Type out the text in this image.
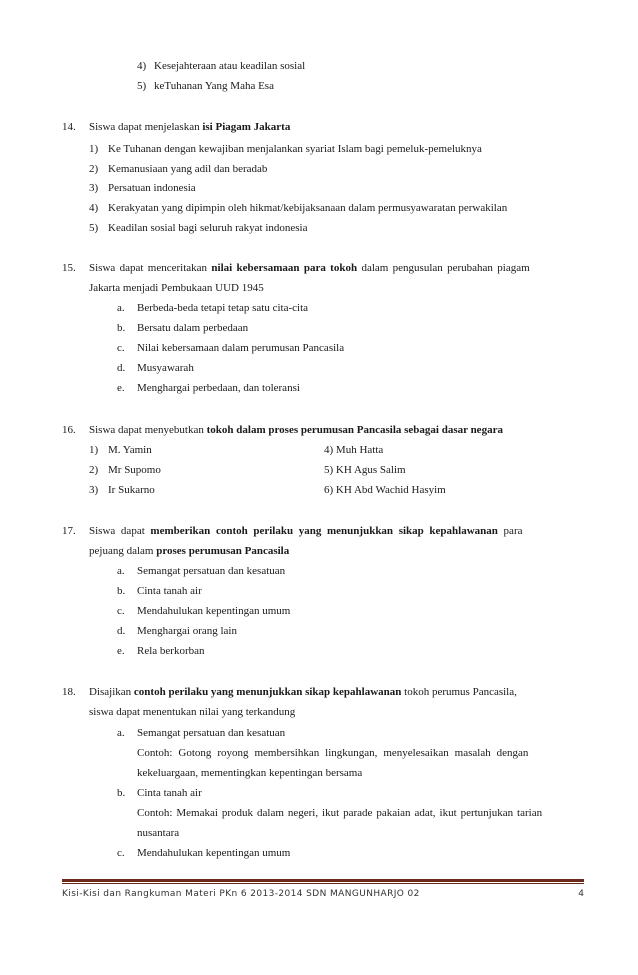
4) Kesejahteraan atau keadilan sosial
5) keTuhanan Yang Maha Esa
14. Siswa dapat menjelaskan isi Piagam Jakarta
1) Ke Tuhanan dengan kewajiban menjalankan syariat Islam bagi pemeluk-pemeluknya
2) Kemanusiaan yang adil dan beradab
3) Persatuan indonesia
4) Kerakyatan yang dipimpin oleh hikmat/kebijaksanaan dalam permusyawaratan perwakilan
5) Keadilan sosial bagi seluruh rakyat indonesia
15. Siswa dapat menceritakan nilai kebersamaan para tokoh dalam pengusulan perubahan piagam
Jakarta menjadi Pembukaan UUD 1945
a. Berbeda-beda tetapi tetap satu cita-cita
b. Bersatu dalam perbedaan
c. Nilai kebersamaan dalam perumusan Pancasila
d. Musyawarah
e. Menghargai perbedaan, dan toleransi
16. Siswa dapat menyebutkan tokoh dalam proses perumusan Pancasila sebagai dasar negara
1) M. Yamin	4) Muh Hatta
2) Mr Supomo	5) KH Agus Salim
3) Ir Sukarno	6) KH Abd Wachid Hasyim
17. Siswa dapat memberikan contoh perilaku yang menunjukkan sikap kepahlawanan para
pejuang dalam proses perumusan Pancasila
a. Semangat persatuan dan kesatuan
b. Cinta tanah air
c. Mendahulukan kepentingan umum
d. Menghargai orang lain
e. Rela berkorban
18. Disajikan contoh perilaku yang menunjukkan sikap kepahlawanan tokoh perumus Pancasila,
siswa dapat menentukan nilai yang terkandung
a. Semangat persatuan dan kesatuan
Contoh: Gotong royong membersihkan lingkungan, menyelesaikan masalah dengan
kekeluargaan, mementingkan kepentingan bersama
b. Cinta tanah air
Contoh: Memakai produk dalam negeri, ikut parade pakaian adat, ikut pertunjukan tarian
nusantara
c. Mendahulukan kepentingan umum
Kisi-Kisi dan Rangkuman Materi PKn 6 2013-2014 SDN MANGUNHARJO 02	4
